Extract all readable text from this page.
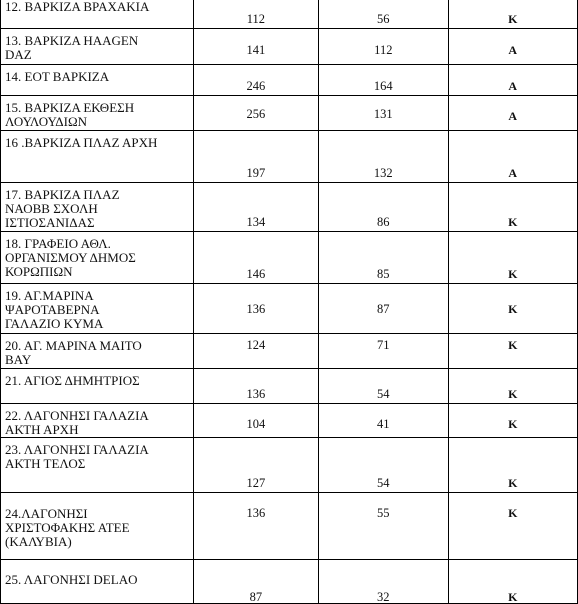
12. ΒΑΡΚΙΖΑ ΒΡΑΧΑΚΙΑ	112	56	Κ

13. ΒΑΡΚΙΖΑ HAAGEN
DAZ	141	112	Α

14. ΕΟΤ ΒΑΡΚΙΖΑ	246	164	Α

15. ΒΑΡΚΙΖΑ ΕΚΘΕΣΗ
ΛΟΥΛΟΥΔΙΩΝ	256	131	Α

16 .ΒΑΡΚΙΖΑ ΠΛΑΖ ΑΡΧΗ	197	132	Α

17. ΒΑΡΚΙΖΑ ΠΛΑΖ
ΝΑΟΒΒ ΣΧΟΛΗ
ΙΣΤΙΟΣΑΝΙΔΑΣ	134	86	Κ

18. ΓΡΑΦΕΙΟ ΑΘΛ.
ΟΡΓΑΝΙΣΜΟΥ ΔΗΜΟΣ
ΚΟΡΩΠΙΩΝ	146	85	Κ

19. ΑΓ.ΜΑΡΙΝΑ
ΨΑΡΟΤΑΒΕΡΝΑ
ΓΑΛΑΖΙΟ ΚΥΜΑ	136	87	Κ

20. ΑΓ. ΜΑΡΙΝΑ ΜΑΙΤΟ
BAY	124	71	Κ

21. ΑΓΙΟΣ ΔΗΜΗΤΡΙΟΣ	136	54	Κ

22. ΛΑΓΟΝΗΣΙ ΓΑΛΑΖΙΑ
ΑΚΤΗ ΑΡΧΗ	104	41	Κ

23. ΛΑΓΟΝΗΣΙ ΓΑΛΑΖΙΑ
ΑΚΤΗ ΤΕΛΟΣ	127	54	Κ

24.ΛΑΓΟΝΗΣΙ
ΧΡΙΣΤΟΦΑΚΗΣ ΑΤΕΕ
(ΚΑΛΥΒΙΑ)	136	55	Κ

25. ΛΑΓΟΝΗΣΙ DELAO	87	32	Κ
